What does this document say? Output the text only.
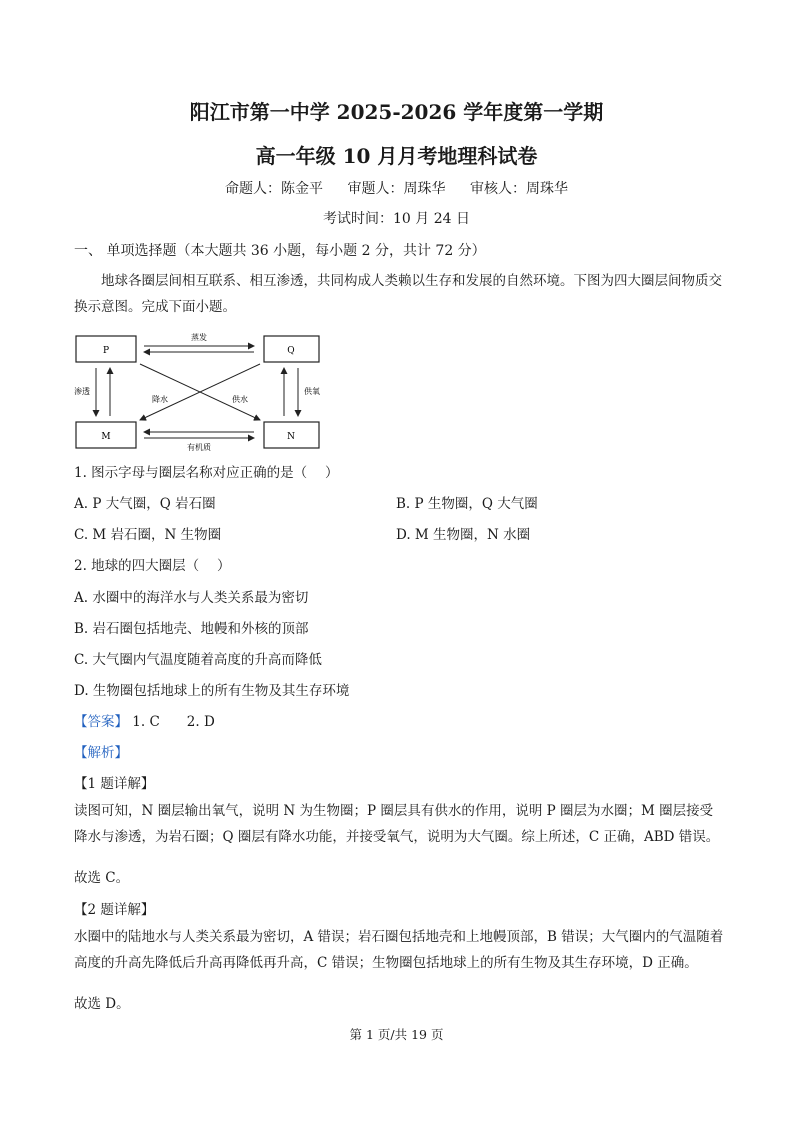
阳江市第一中学 2025-2026 学年度第一学期
高一年级 10 月月考地理科试卷
命题人：陈金平 审题人：周珠华 审核人：周珠华
考试时间：10 月 24 日
一、 单项选择题（本大题共 36 小题，每小题 2 分，共计 72 分）
地球各圈层间相互联系、相互渗透，共同构成人类赖以生存和发展的自然环境。下图为四大圈层间物质交换示意图。完成下面小题。
P	Q
M	N
蒸发
有机质
渗透	供氧
降水	供水
1. 图示字母与圈层名称对应正确的是（　 ）
A. P 大气圈，Q 岩石圈	B. P 生物圈，Q 大气圈
C. M 岩石圈，N 生物圈	D. M 生物圈，N 水圈
2. 地球的四大圈层（　 ）
A. 水圈中的海洋水与人类关系最为密切
B. 岩石圈包括地壳、地幔和外核的顶部
C. 大气圈内气温度随着高度的升高而降低
D. 生物圈包括地球上的所有生物及其生存环境
【答案】 1. C　　2. D
【解析】
【1 题详解】
读图可知，N 圈层输出氧气，说明 N 为生物圈；P 圈层具有供水的作用，说明 P 圈层为水圈；M 圈层接受降水与渗透，为岩石圈；Q 圈层有降水功能，并接受氧气，说明为大气圈。综上所述，C 正确，ABD 错误。
故选 C。
【2 题详解】
水圈中的陆地水与人类关系最为密切，A 错误；岩石圈包括地壳和上地幔顶部，B 错误；大气圈内的气温随着高度的升高先降低后升高再降低再升高，C 错误；生物圈包括地球上的所有生物及其生存环境，D 正确。
故选 D。
第 1 页/共 19 页
